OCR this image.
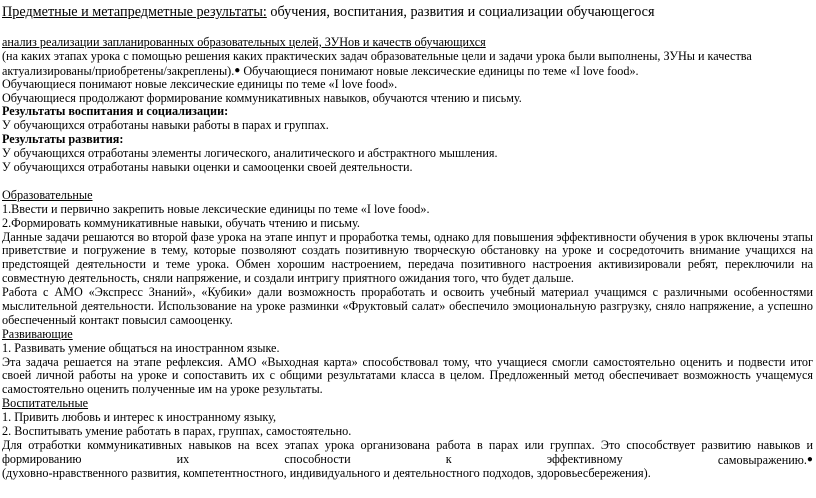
Предметные и метапредметные результаты: обучения, воспитания, развития и социализации обучающегося
анализ реализации запланированных образовательных целей, ЗУНов и качеств обучающихся
(на каких этапах урока с помощью решения каких практических задач образовательные цели и задачи урока были выполнены, ЗУНы и качества
актуализированы/приобретены/закреплены).● Обучающиеся понимают новые лексические единицы по теме «I love food».
Обучающиеся понимают новые лексические единицы по теме «I love food».
Обучающиеся продолжают формирование коммуникативных навыков, обучаются чтению и письму.
Результаты воспитания и социализации:
У обучающихся отработаны навыки работы в парах и группах.
Результаты развития:
У обучающихся отработаны элементы логического, аналитического и абстрактного мышления.
У обучающихся отработаны навыки оценки и самооценки своей деятельности.
Образовательные
1.Ввести и первично закрепить новые лексические единицы по теме «I love food».
2.Формировать коммуникативные навыки, обучать чтению и письму.
Данные задачи решаются во второй фазе урока на этапе инпут и проработка темы, однако для повышения эффективности обучения в урок включены этапы
приветствие и погружение в тему, которые позволяют создать позитивную творческую обстановку на уроке и сосредоточить внимание учащихся на
предстоящей деятельности и теме урока. Обмен хорошим настроением, передача позитивного настроения активизировали ребят, переключили на
совместную деятельность, сняли напряжение, и создали интригу приятного ожидания того, что будет дальше.
Работа с АМО «Экспресс Знаний», «Кубики» дали возможность проработать и освоить учебный материал учащимся с различными особенностями
мыслительной деятельности. Использование на уроке разминки «Фруктовый салат» обеспечило эмоциональную разгрузку, сняло напряжение, а успешно
обеспеченный контакт повысил самооценку.
Развивающие
1. Развивать умение общаться на иностранном языке.
Эта задача решается на этапе рефлексия. АМО «Выходная карта» способствовал тому, что учащиеся смогли самостоятельно оценить и подвести итог
своей личной работы на уроке и сопоставить их с общими результатами класса в целом. Предложенный метод обеспечивает возможность учащемуся
самостоятельно оценить полученные им на уроке результаты.
Воспитательные
1. Привить любовь и интерес к иностранному языку,
2. Воспитывать умение работать в парах, группах, самостоятельно.
Для отработки коммуникативных навыков на всех этапах урока организована работа в парах или группах. Это способствует развитию навыков и
формированию	их	способности	к	эффективному	самовыражению.●
(духовно-нравственного развития, компетентностного, индивидуального и деятельностного подходов, здоровьесбережения).
